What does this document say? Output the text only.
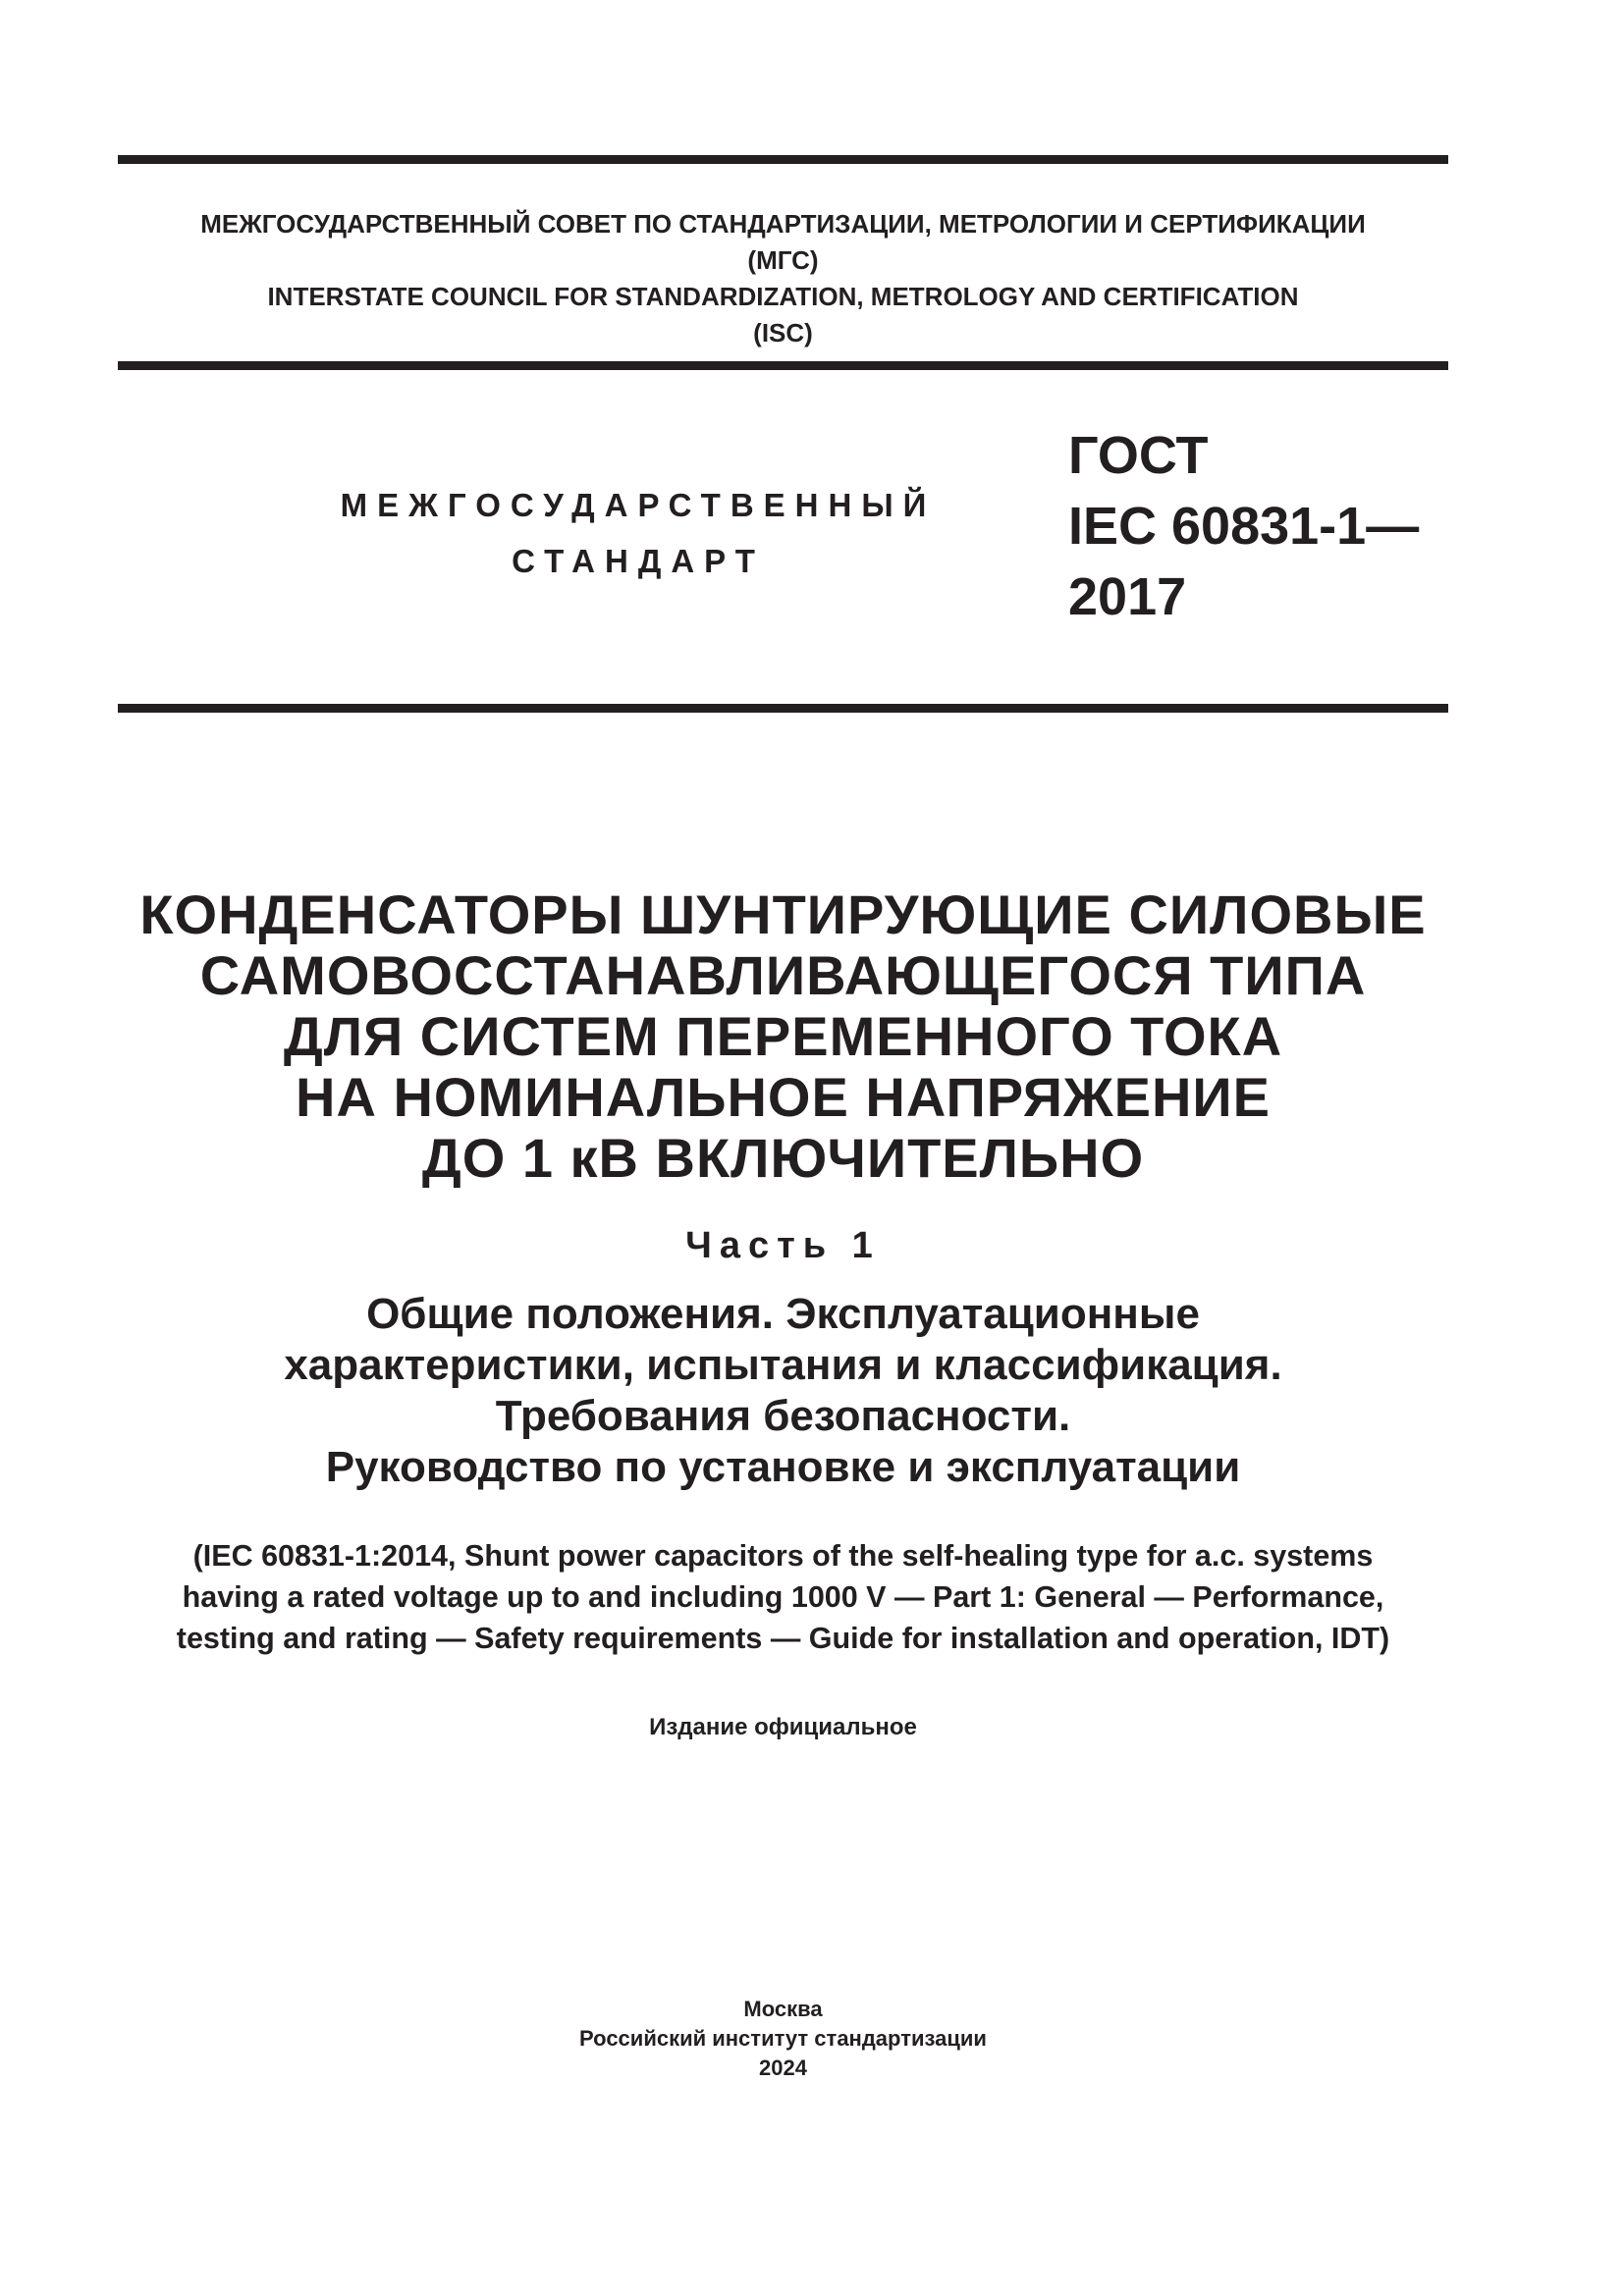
МЕЖГОСУДАРСТВЕННЫЙ СОВЕТ ПО СТАНДАРТИЗАЦИИ, МЕТРОЛОГИИ И СЕРТИФИКАЦИИ
(МГС)
INTERSTATE COUNCIL FOR STANDARDIZATION, METROLOGY AND CERTIFICATION
(ISC)
МЕЖГОСУДАРСТВЕННЫЙ
СТАНДАРТ
ГОСТ
IEC 60831-1—
2017
КОНДЕНСАТОРЫ ШУНТИРУЮЩИЕ СИЛОВЫЕ
САМОВОССТАНАВЛИВАЮЩЕГОСЯ ТИПА
ДЛЯ СИСТЕМ ПЕРЕМЕННОГО ТОКА
НА НОМИНАЛЬНОЕ НАПРЯЖЕНИЕ
ДО 1 кВ ВКЛЮЧИТЕЛЬНО
Часть 1
Общие положения. Эксплуатационные
характеристики, испытания и классификация.
Требования безопасности.
Руководство по установке и эксплуатации
(IEC 60831-1:2014, Shunt power capacitors of the self-healing type for a.c. systems
having a rated voltage up to and including 1000 V — Part 1: General — Performance,
testing and rating — Safety requirements — Guide for installation and operation, IDT)
Издание официальное
Москва
Российский институт стандартизации
2024
